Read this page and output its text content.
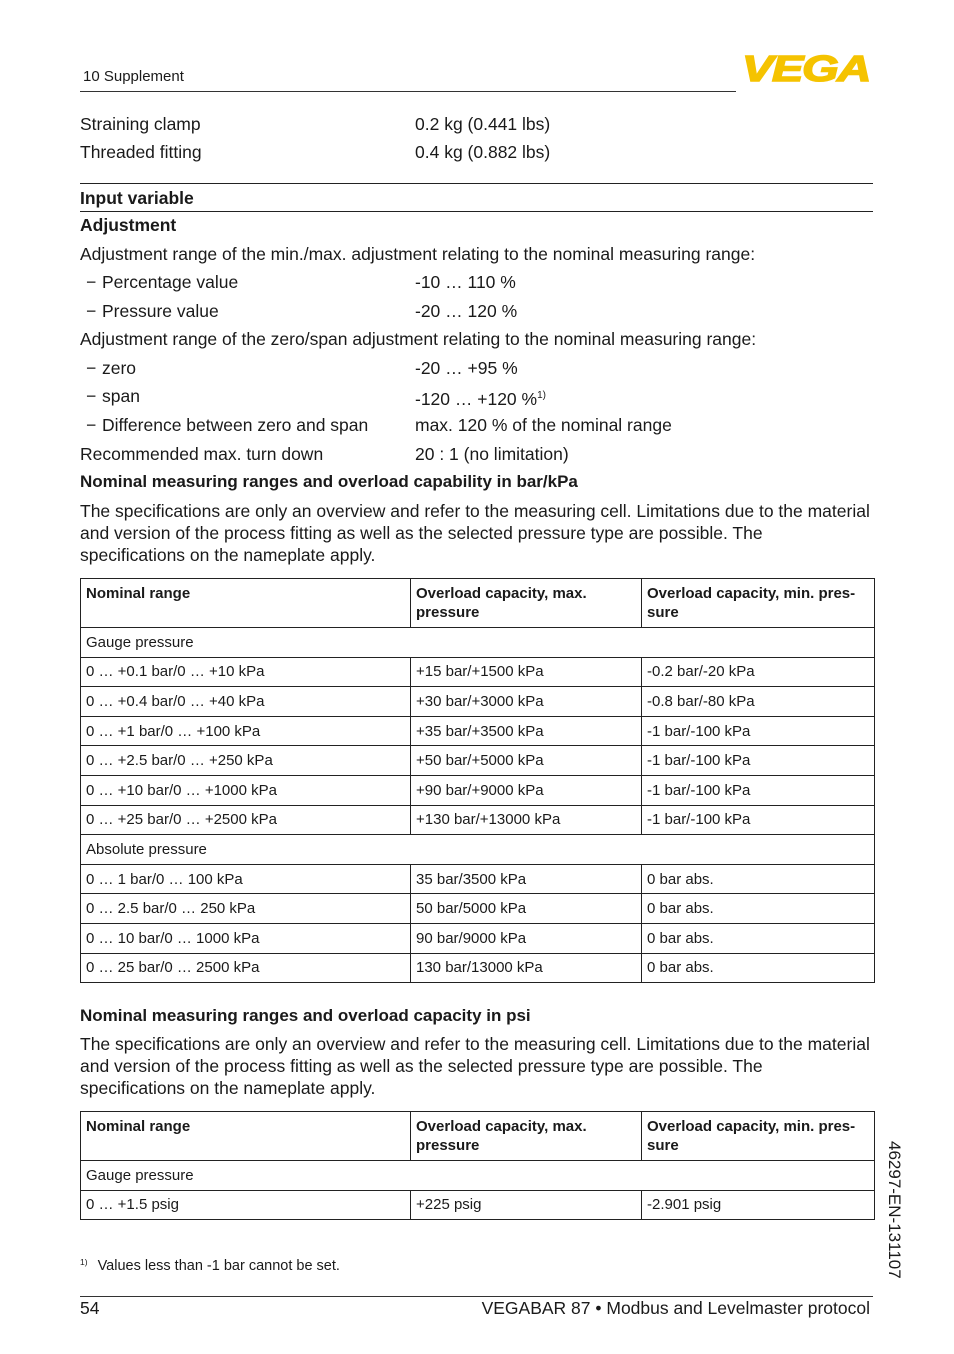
10 Supplement	VEGA
Straining clamp	0.2 kg (0.441 lbs)
Threaded fitting	0.4 kg (0.882 lbs)
Input variable
Adjustment
Adjustment range of the min./max. adjustment relating to the nominal measuring range:
− Percentage value	-10 … 110 %
− Pressure value	-20 … 120 %
Adjustment range of the zero/span adjustment relating to the nominal measuring range:
− zero	-20 … +95 %
− span	-120 … +120 %$^{1)}$
− Difference between zero and span	max. 120 % of the nominal range
Recommended max. turn down	20 : 1 (no limitation)
Nominal measuring ranges and overload capability in bar/kPa
The specifications are only an overview and refer to the measuring cell. Limitations due to the material and version of the process fitting as well as the selected pressure type are possible. The specifications on the nameplate apply.
Nominal range	Overload capacity, max. pressure	Overload capacity, min. pres-sure
Gauge pressure		
0 … +0.1 bar/0 … +10 kPa	+15 bar/+1500 kPa	-0.2 bar/-20 kPa
0 … +0.4 bar/0 … +40 kPa	+30 bar/+3000 kPa	-0.8 bar/-80 kPa
0 … +1 bar/0 … +100 kPa	+35 bar/+3500 kPa	-1 bar/-100 kPa
0 … +2.5 bar/0 … +250 kPa	+50 bar/+5000 kPa	-1 bar/-100 kPa
0 … +10 bar/0 … +1000 kPa	+90 bar/+9000 kPa	-1 bar/-100 kPa
0 … +25 bar/0 … +2500 kPa	+130 bar/+13000 kPa	-1 bar/-100 kPa
Absolute pressure		
0 … 1 bar/0 … 100 kPa	35 bar/3500 kPa	0 bar abs.
0 … 2.5 bar/0 … 250 kPa	50 bar/5000 kPa	0 bar abs.
0 … 10 bar/0 … 1000 kPa	90 bar/9000 kPa	0 bar abs.
0 … 25 bar/0 … 2500 kPa	130 bar/13000 kPa	0 bar abs.
Nominal measuring ranges and overload capacity in psi
The specifications are only an overview and refer to the measuring cell. Limitations due to the material and version of the process fitting as well as the selected pressure type are possible. The specifications on the nameplate apply.
Nominal range	Overload capacity, max. pressure	Overload capacity, min. pres-sure
Gauge pressure		
0 … +1.5 psig	+225 psig	-2.901 psig
$^{1)}$ Values less than -1 bar cannot be set.	46297-EN-131107
54	VEGABAR 87 • Modbus and Levelmaster protocol
